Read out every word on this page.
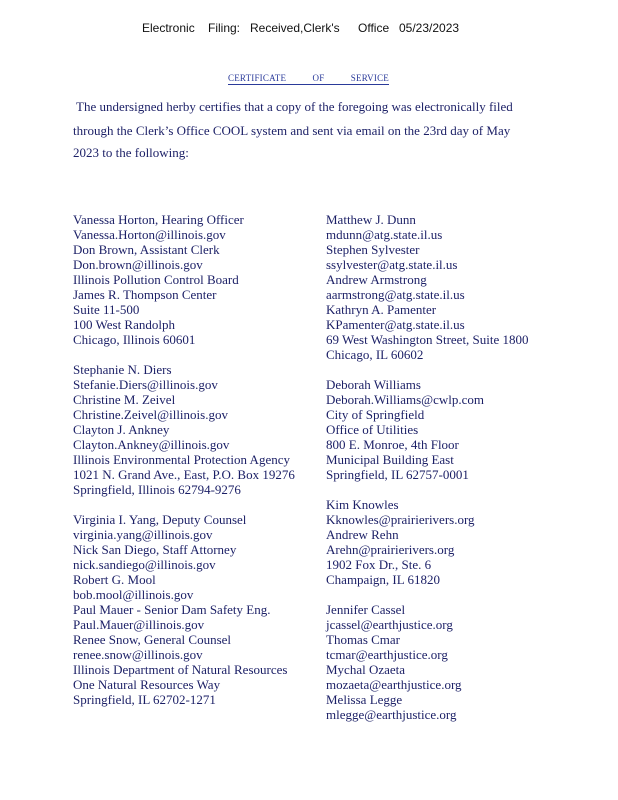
Electronic Filing: Received,Clerk's Office 05/23/2023
CERTIFICATE	OF	SERVICE
The undersigned herby certifies that a copy of the foregoing was electronically filed
through the Clerk’s Office COOL system and sent via email on the 23rd day of May
2023 to the following:
Vanessa Horton, Hearing Officer
Vanessa.Horton@illinois.gov
Don Brown, Assistant Clerk
Don.brown@illinois.gov
Illinois Pollution Control Board
James R. Thompson Center
Suite 11-500
100 West Randolph
Chicago, Illinois 60601
Stephanie N. Diers
Stefanie.Diers@illinois.gov
Christine M. Zeivel
Christine.Zeivel@illinois.gov
Clayton J. Ankney
Clayton.Ankney@illinois.gov
Illinois Environmental Protection Agency
1021 N. Grand Ave., East, P.O. Box 19276
Springfield, Illinois 62794-9276
Virginia I. Yang, Deputy Counsel
virginia.yang@illinois.gov
Nick San Diego, Staff Attorney
nick.sandiego@illinois.gov
Robert G. Mool
bob.mool@illinois.gov
Paul Mauer - Senior Dam Safety Eng.
Paul.Mauer@illinois.gov
Renee Snow, General Counsel
renee.snow@illinois.gov
Illinois Department of Natural Resources
One Natural Resources Way
Springfield, IL 62702-1271
Matthew J. Dunn
mdunn@atg.state.il.us
Stephen Sylvester
ssylvester@atg.state.il.us
Andrew Armstrong
aarmstrong@atg.state.il.us
Kathryn A. Pamenter
KPamenter@atg.state.il.us
69 West Washington Street, Suite 1800
Chicago, IL 60602
Deborah Williams
Deborah.Williams@cwlp.com
City of Springfield
Office of Utilities
800 E. Monroe, 4th Floor
Municipal Building East
Springfield, IL 62757-0001
Kim Knowles
Kknowles@prairierivers.org
Andrew Rehn
Arehn@prairierivers.org
1902 Fox Dr., Ste. 6
Champaign, IL 61820
Jennifer Cassel
jcassel@earthjustice.org
Thomas Cmar
tcmar@earthjustice.org
Mychal Ozaeta
mozaeta@earthjustice.org
Melissa Legge
mlegge@earthjustice.org
